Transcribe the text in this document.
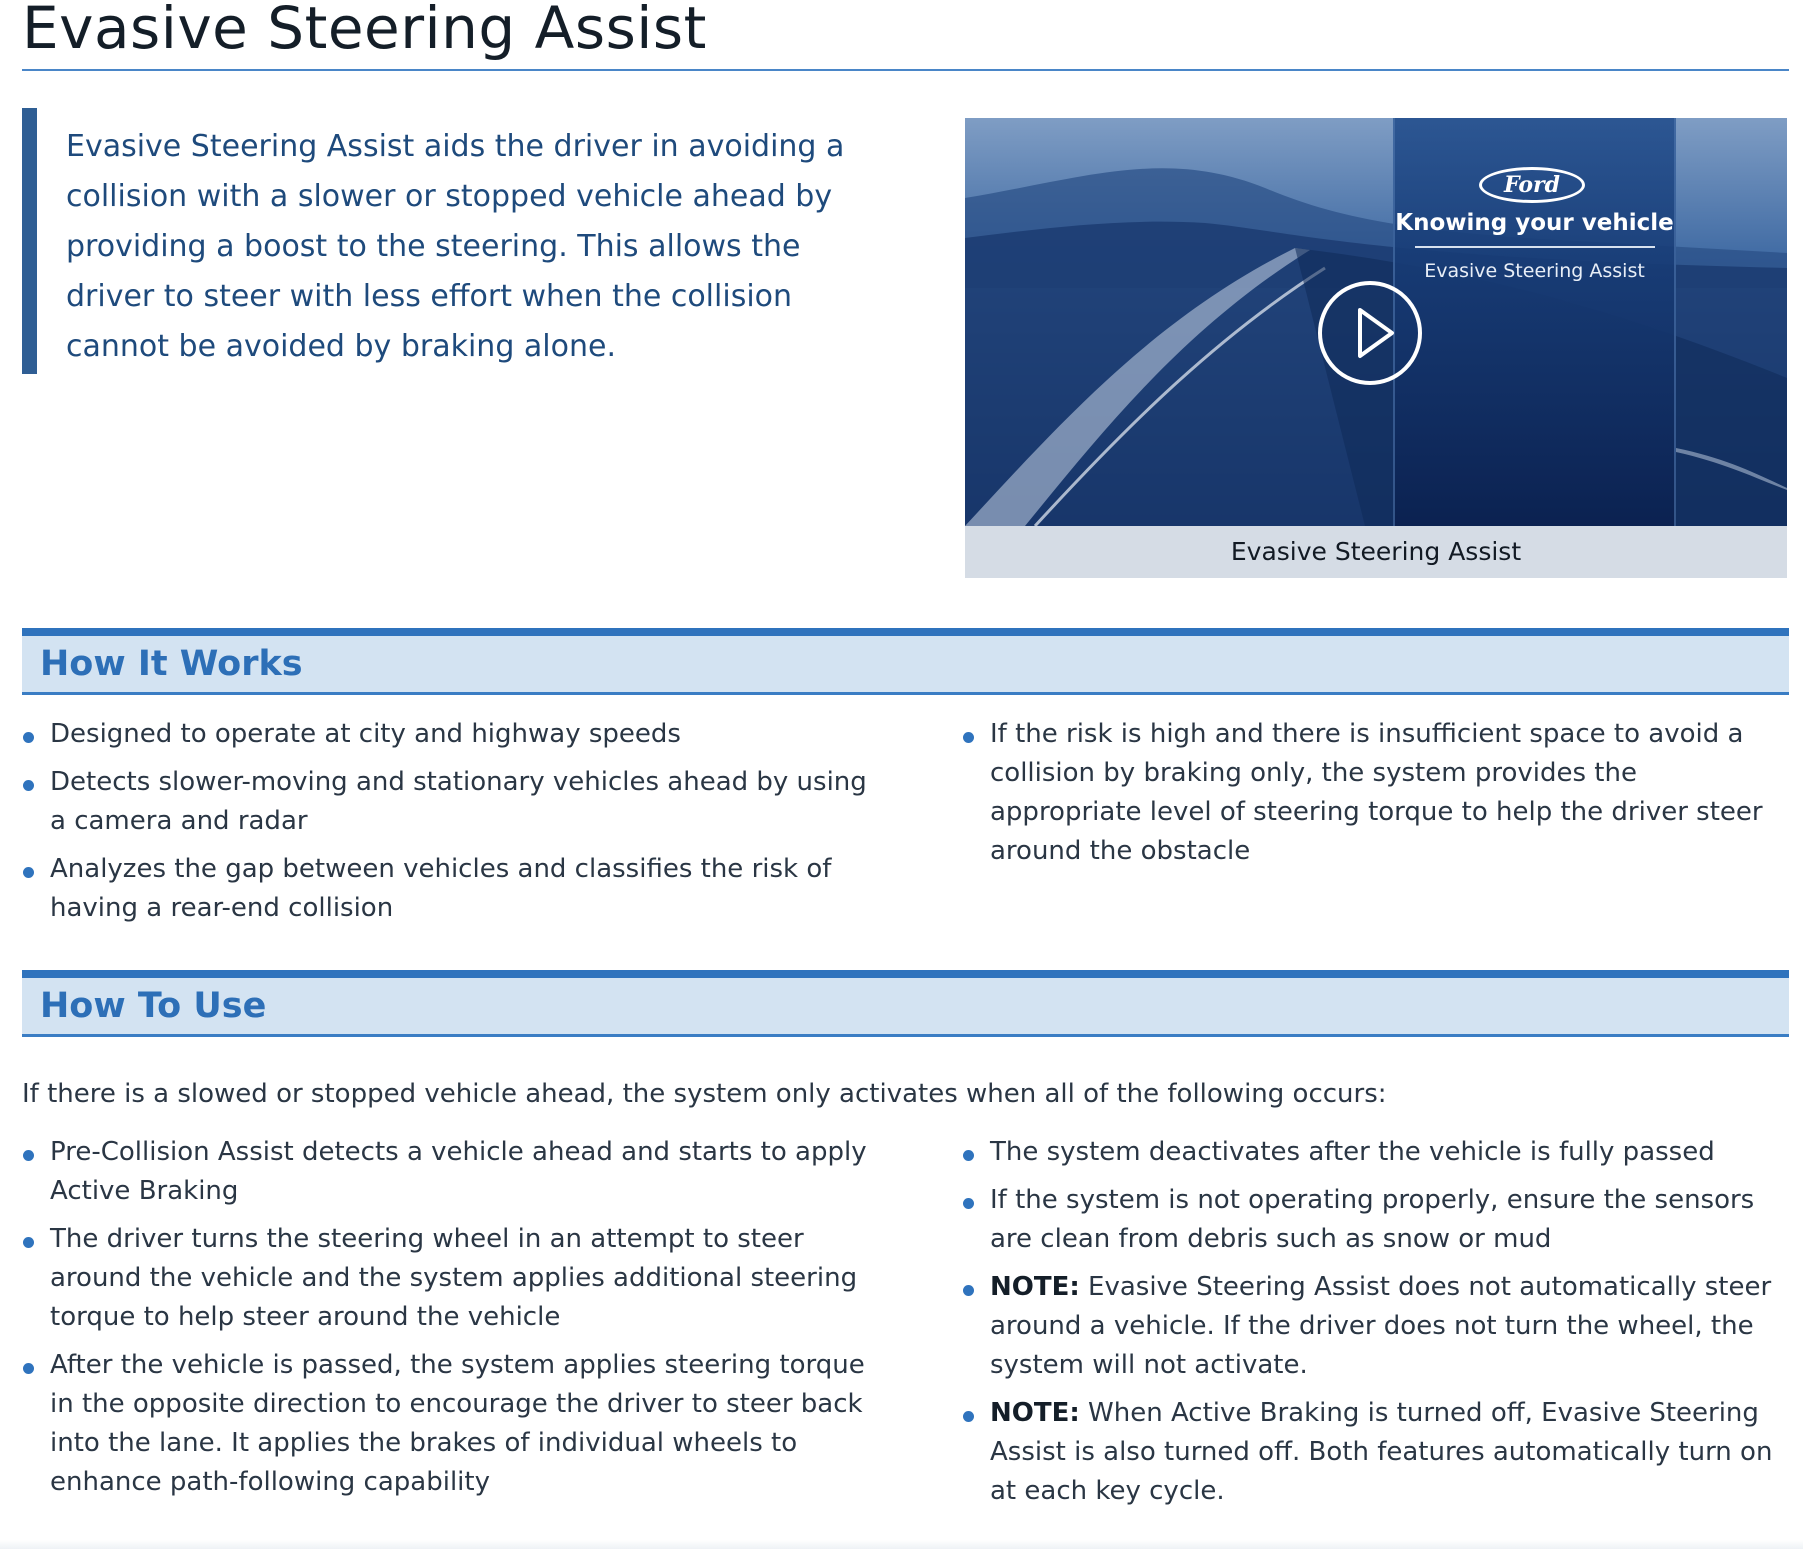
Evasive Steering Assist

Evasive Steering Assist aids the driver in avoiding a collision with a slower or stopped vehicle ahead by providing a boost to the steering. This allows the driver to steer with less effort when the collision cannot be avoided by braking alone.

Ford
Knowing your vehicle
Evasive Steering Assist
Evasive Steering Assist
How It Works
Designed to operate at city and highway speeds
Detects slower-moving and stationary vehicles ahead by using a camera and radar
Analyzes the gap between vehicles and classifies the risk of having a rear-end collision
If the risk is high and there is insufficient space to avoid a collision by braking only, the system provides the appropriate level of steering torque to help the driver steer around the obstacle
How To Use

If there is a slowed or stopped vehicle ahead, the system only activates when all of the following occurs:

Pre-Collision Assist detects a vehicle ahead and starts to apply Active Braking
The driver turns the steering wheel in an attempt to steer around the vehicle and the system applies additional steering torque to help steer around the vehicle
After the vehicle is passed, the system applies steering torque in the opposite direction to encourage the driver to steer back into the lane. It applies the brakes of individual wheels to enhance path-following capability
The system deactivates after the vehicle is fully passed
If the system is not operating properly, ensure the sensors are clean from debris such as snow or mud
NOTE: Evasive Steering Assist does not automatically steer around a vehicle. If the driver does not turn the wheel, the system will not activate.
NOTE: When Active Braking is turned off, Evasive Steering Assist is also turned off. Both features automatically turn on at each key cycle.
